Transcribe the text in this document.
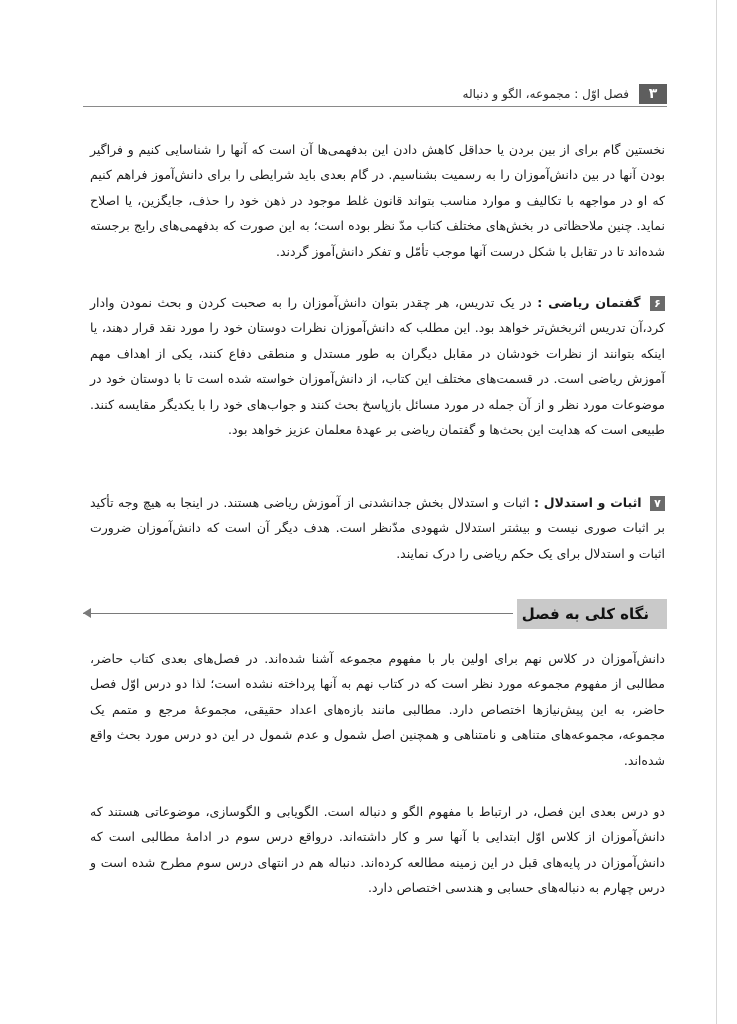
۳
فصل اوّل : مجموعه، الگو و دنباله
نخستین گام برای از بین بردن یا حداقل کاهش دادن این بدفهمی‌ها آن است که آنها را شناسایی کنیم و فراگیر بودن آنها در بین دانش‌آموزان را به رسمیت بشناسیم. در گام بعدی باید شرایطی را برای دانش‌آموز فراهم کنیم که او در مواجهه با تکالیف و موارد مناسب بتواند قانون غلط موجود در ذهن خود را حذف، جایگزین، یا اصلاح نماید. چنین ملاحظاتی در بخش‌های مختلف کتاب مدّ نظر بوده است؛ به این صورت که بدفهمی‌های رایج برجسته شده‌اند تا در تقابل با شکل درست آنها موجب تأمّل و تفکر دانش‌آموز گردند.
۶ گفتمان ریاضی : در یک تدریس، هر چقدر بتوان دانش‌آموزان را به صحبت کردن و بحث نمودن وادار کرد،آن تدریس اثربخش‌تر خواهد بود. این مطلب که دانش‌آموزان نظرات دوستان خود را مورد نقد قرار دهند، یا اینکه بتوانند از نظرات خودشان در مقابل دیگران به طور مستدل و منطقی دفاع کنند، یکی از اهداف مهم آموزش ریاضی است. در قسمت‌های مختلف این کتاب، از دانش‌آموزان خواسته شده است تا با دوستان خود در موضوعات مورد نظر و از آن جمله در مورد مسائل بازپاسخ بحث کنند و جواب‌های خود را با یکدیگر مقایسه کنند. طبیعی است که هدایت این بحث‌ها و گفتمان ریاضی بر عهدهٔ معلمان عزیز خواهد بود.
۷ اثبات و استدلال : اثبات و استدلال بخش جدانشدنی از آموزش ریاضی هستند. در اینجا به هیچ وجه تأکید بر اثبات صوری نیست و بیشتر استدلال شهودی مدّنظر است. هدف دیگر آن است که دانش‌آموزان ضرورت اثبات و استدلال برای یک حکم ریاضی را درک نمایند.
نگاه کلی به فصل
دانش‌آموزان در کلاس نهم برای اولین بار با مفهوم مجموعه آشنا شده‌اند. در فصل‌های بعدی کتاب حاضر، مطالبی از مفهوم مجموعه مورد نظر است که در کتاب نهم به آنها پرداخته نشده است؛ لذا دو درس اوّل فصل حاضر، به این پیش‌نیازها اختصاص دارد. مطالبی مانند بازه‌های اعداد حقیقی، مجموعهٔ مرجع و متمم یک مجموعه، مجموعه‌های متناهی و نامتناهی و همچنین اصل شمول و عدم شمول در این دو درس مورد بحث واقع شده‌اند.
دو درس بعدی این فصل، در ارتباط با مفهوم الگو و دنباله است. الگویابی و الگوسازی، موضوعاتی هستند که دانش‌آموزان از کلاس اوّل ابتدایی با آنها سر و کار داشته‌اند. درواقع درس سوم در ادامهٔ مطالبی است که دانش‌آموزان در پایه‌های قبل در این زمینه مطالعه کرده‌اند. دنباله هم در انتهای درس سوم مطرح شده است و درس چهارم به دنباله‌های حسابی و هندسی اختصاص دارد.
